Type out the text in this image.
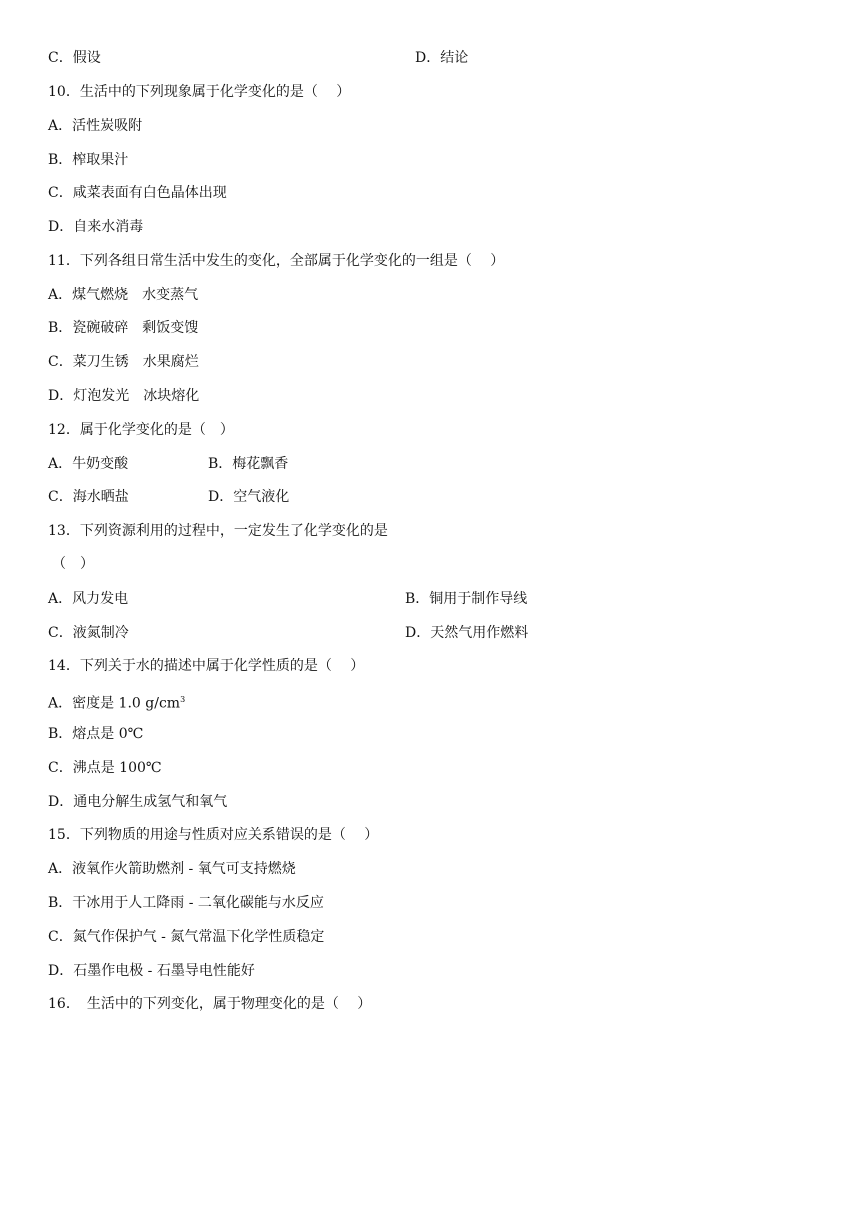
C．假设	D．结论
10．生活中的下列现象属于化学变化的是（　 ）
A．活性炭吸附
B．榨取果汁
C．咸菜表面有白色晶体出现
D．自来水消毒
11．下列各组日常生活中发生的变化，全部属于化学变化的一组是（　 ）
A．煤气燃烧　水变蒸气
B．瓷碗破碎　剩饭变馊
C．菜刀生锈　水果腐烂
D．灯泡发光　冰块熔化
12．属于化学变化的是（　）
A．牛奶变酸	B．梅花飘香
C．海水晒盐	D．空气液化
13．下列资源利用的过程中，一定发生了化学变化的是
（　）
A．风力发电	B．铜用于制作导线
C．液氮制冷	D．天然气用作燃料
14．下列关于水的描述中属于化学性质的是（　 ）
A．密度是 1.0 $g/cm^3$
B．熔点是 0℃
C．沸点是 100℃
D．通电分解生成氢气和氧气
15．下列物质的用途与性质对应关系错误的是（　 ）
A．液氧作火箭助燃剂 - 氧气可支持燃烧
B．干冰用于人工降雨 - 二氧化碳能与水反应
C．氮气作保护气 - 氮气常温下化学性质稳定
D．石墨作电极 - 石墨导电性能好
16．　生活中的下列变化，属于物理变化的是（　 ）
